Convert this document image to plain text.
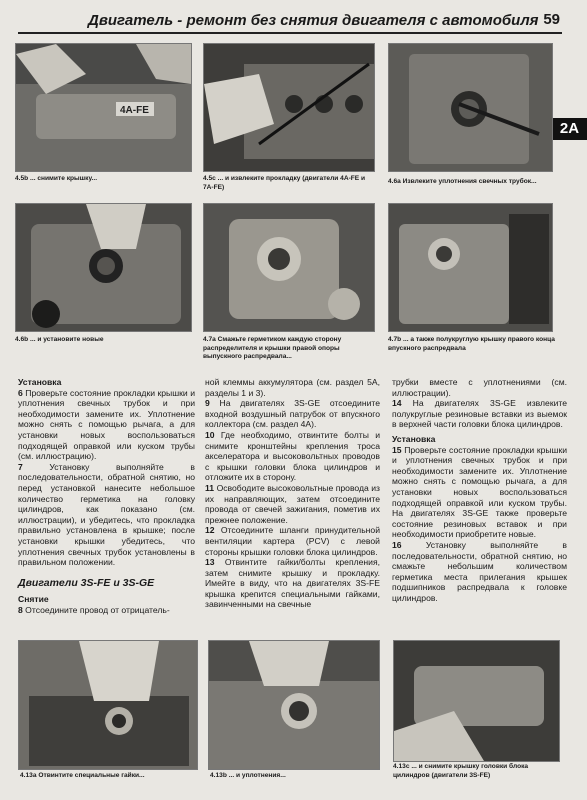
Двигатель - ремонт без снятия двигателя с автомобиля 59
2A
4A-FE
4.5b ... снимите крышку...	4.5c ... и извлеките прокладку (двигатели 4A-FE и 7A-FE)
4.6a Извлеките уплотнения свечных трубок...
4.6b ... и установите новые	4.7a Смажьте герметиком каждую сторону распределителя и крышки правой опоры выпускного распредвала...
4.7b ... а также полукруглую крышку правого конца впускного распредвала

Установка

6 Проверьте состояние прокладки крышки и уплотнения свечных трубок и при необходимости замените их. Уплотнение можно снять с помощью рычага, а для установки новых воспользоваться подходящей оправкой или куском трубы (см. иллюстрацию).

7	Установку выполняйте в последовательности, обратной снятию, но перед установкой нанесите небольшое количество герметика на головку цилиндров, как показано (см. иллюстрации), и убедитесь, что прокладка правильно установлена в крышке; после установки крышки убедитесь, что уплотнения свечных трубок установлены в правильном положении.

Двигатели 3S-FE и 3S-GE

Снятие

8 Отсоедините провод от отрицатель-

ной клеммы аккумулятора (см. раздел 5A, разделы 1 и 3).

9 На двигателях 3S-GE отсоедините входной воздушный патрубок от впускного коллектора (см. раздел 4A).

10 Где необходимо, отвинтите болты и снимите кронштейны крепления троса акселератора и высоковольтных проводов с крышки головки блока цилиндров и отложите их в сторону.

11 Освободите высоковольтные провода из их направляющих, затем отсоедините провода от свечей зажигания, пометив их прежнее положение.

12 Отсоедините шланги принудительной вентиляции картера (PCV) с левой стороны крышки головки блока цилиндров.

13 Отвинтите гайки/болты крепления, затем снимите крышку и прокладку. Имейте в виду, что на двигателях 3S-FE крышка крепится специальными гайками, завинченными на свечные

трубки вместе с уплотнениями (см. иллюстрации).

14 На двигателях 3S-GE извлеките полукруглые резиновые вставки из выемок в верхней части головки блока цилиндров.

Установка

15 Проверьте состояние прокладки крышки и уплотнения свечных трубок и при необходимости замените их. Уплотнение можно снять с помощью рычага, а для установки новых воспользоваться подходящей оправкой или куском трубы. На двигателях 3S-GE также проверьте состояние резиновых вставок и при необходимости приобретите новые.

16	Установку выполняйте в последовательности, обратной снятию, но смажьте небольшим количеством герметика места прилегания крышек подшипников распредвала к головке цилиндров.

4.13a Отвинтите специальные гайки...	4.13b ... и уплотнения...
4.13c ... и снимите крышку головки блока цилиндров (двигатели 3S-FE)
